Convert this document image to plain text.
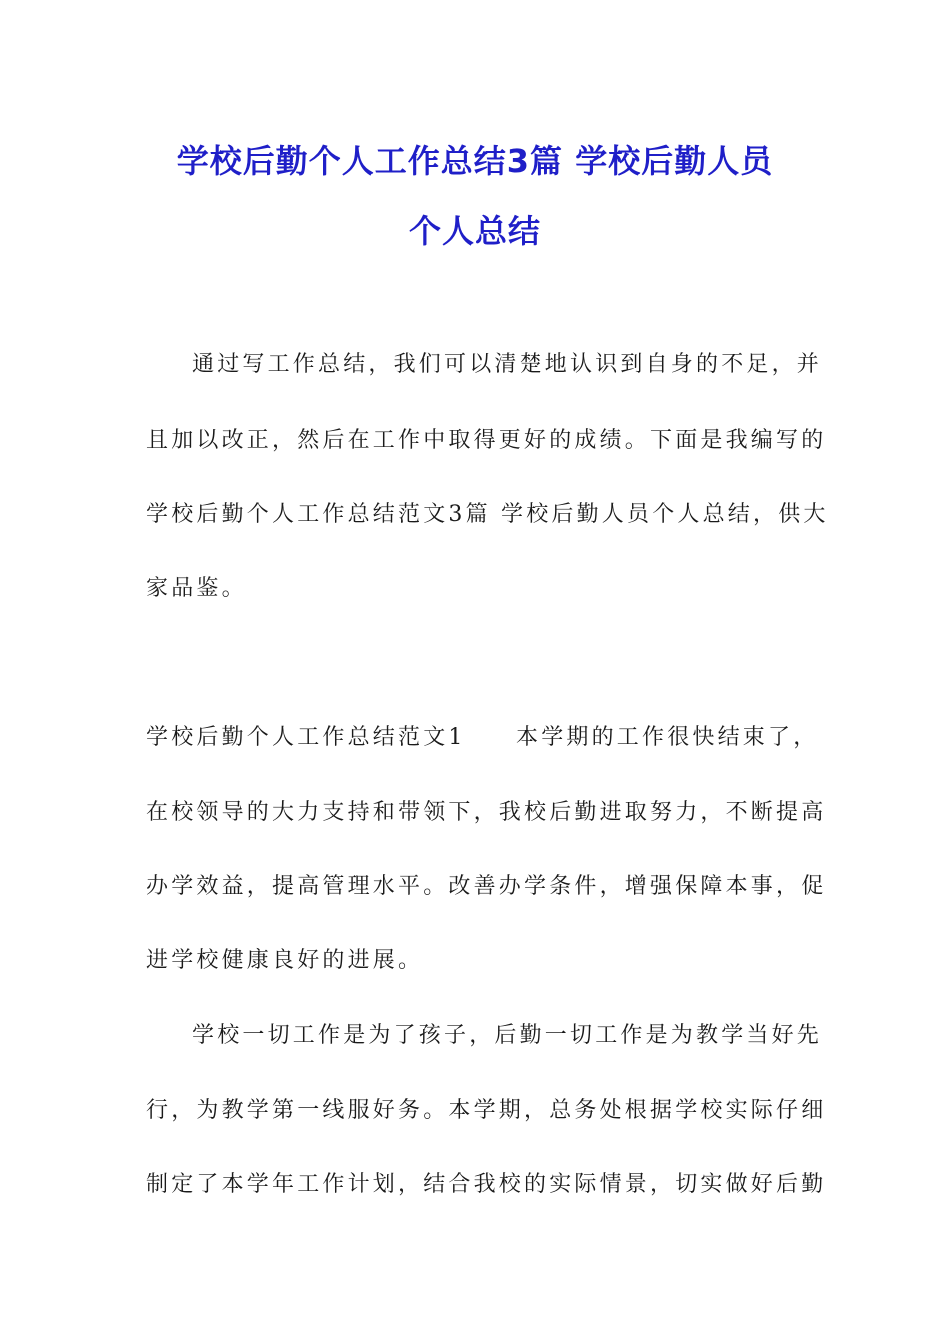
学校后勤个人工作总结3篇 学校后勤人员
个人总结
通过写工作总结，我们可以清楚地认识到自身的不足，并
且加以改正，然后在工作中取得更好的成绩。下面是我编写的
学校后勤个人工作总结范文3篇 学校后勤人员个人总结，供大
家品鉴。
学校后勤个人工作总结范文1　　本学期的工作很快结束了，
在校领导的大力支持和带领下，我校后勤进取努力，不断提高
办学效益，提高管理水平。改善办学条件，增强保障本事，促
进学校健康良好的进展。
学校一切工作是为了孩子，后勤一切工作是为教学当好先
行，为教学第一线服好务。本学期，总务处根据学校实际仔细
制定了本学年工作计划，结合我校的实际情景，切实做好后勤
